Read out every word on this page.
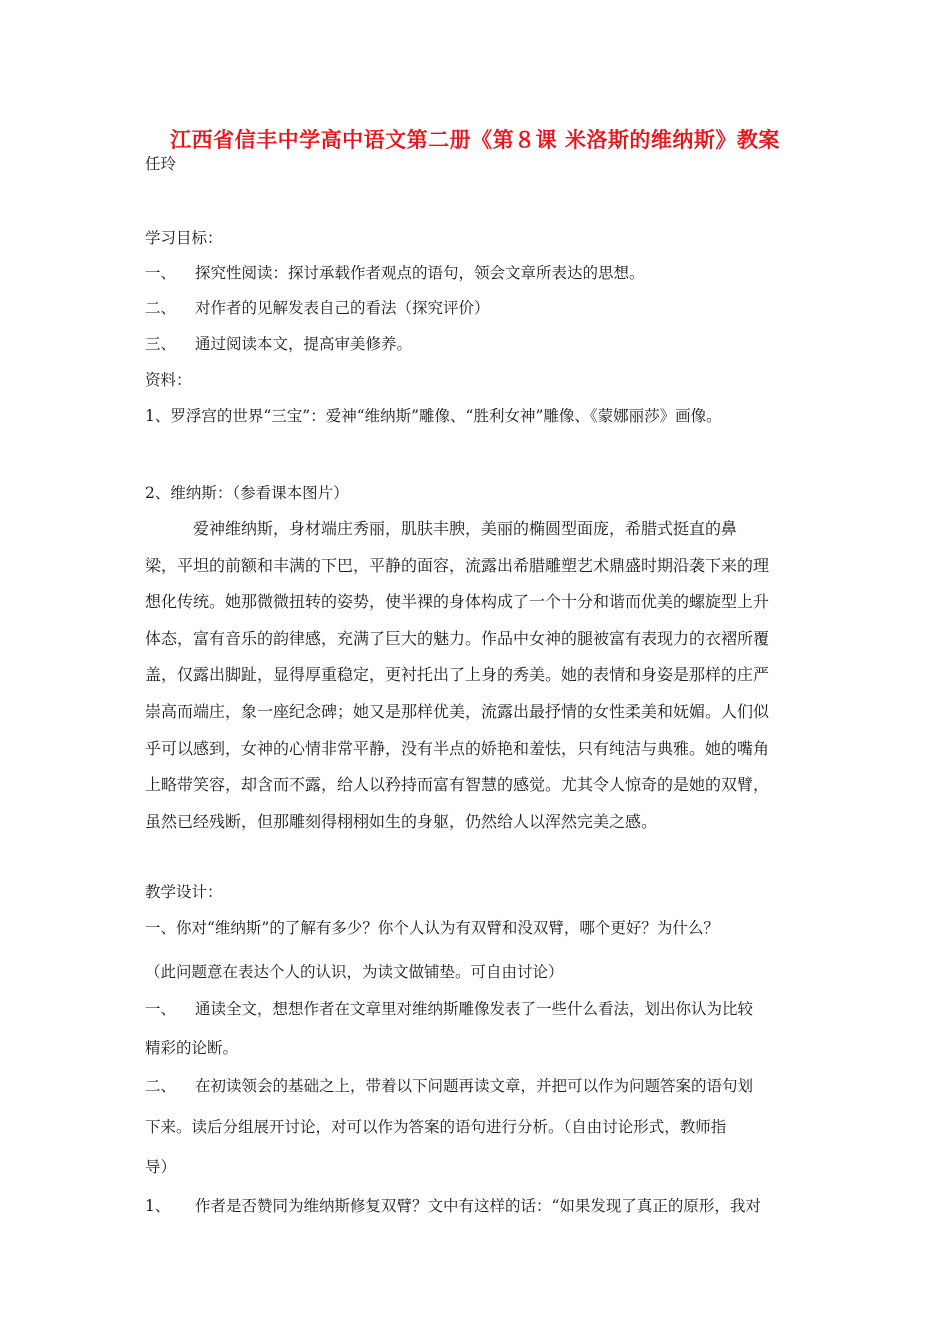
江西省信丰中学高中语文第二册《第８课 米洛斯的维纳斯》教案
任玲
学习目标：
一、 探究性阅读：探讨承载作者观点的语句，领会文章所表达的思想。
二、 对作者的见解发表自己的看法（探究评价）
三、 通过阅读本文，提高审美修养。
资料：
1、罗浮宫的世界“三宝”：爱神“维纳斯”雕像、“胜利女神”雕像、《蒙娜丽莎》画像。
2、维纳斯：（参看课本图片）
　　　爱神维纳斯，身材端庄秀丽，肌肤丰腴，美丽的椭圆型面庞，希腊式挺直的鼻
梁，平坦的前额和丰满的下巴，平静的面容，流露出希腊雕塑艺术鼎盛时期沿袭下来的理
想化传统。她那微微扭转的姿势，使半裸的身体构成了一个十分和谐而优美的螺旋型上升
体态，富有音乐的韵律感，充满了巨大的魅力。作品中女神的腿被富有表现力的衣褶所覆
盖，仅露出脚趾，显得厚重稳定，更衬托出了上身的秀美。她的表情和身姿是那样的庄严
崇高而端庄，象一座纪念碑；她又是那样优美，流露出最抒情的女性柔美和妩媚。人们似
乎可以感到，女神的心情非常平静，没有半点的娇艳和羞怯，只有纯洁与典雅。她的嘴角
上略带笑容，却含而不露，给人以矜持而富有智慧的感觉。尤其令人惊奇的是她的双臂，
虽然已经残断，但那雕刻得栩栩如生的身躯，仍然给人以浑然完美之感。
教学设计：
一、你对“维纳斯”的了解有多少？你个人认为有双臂和没双臂，哪个更好？为什么？
（此问题意在表达个人的认识，为读文做铺垫。可自由讨论）
一、 通读全文，想想作者在文章里对维纳斯雕像发表了一些什么看法，划出你认为比较
精彩的论断。
二、 在初读领会的基础之上，带着以下问题再读文章，并把可以作为问题答案的语句划
下来。读后分组展开讨论，对可以作为答案的语句进行分析。（自由讨论形式，教师指
导）
1、 作者是否赞同为维纳斯修复双臂？文中有这样的话：“如果发现了真正的原形，我对
